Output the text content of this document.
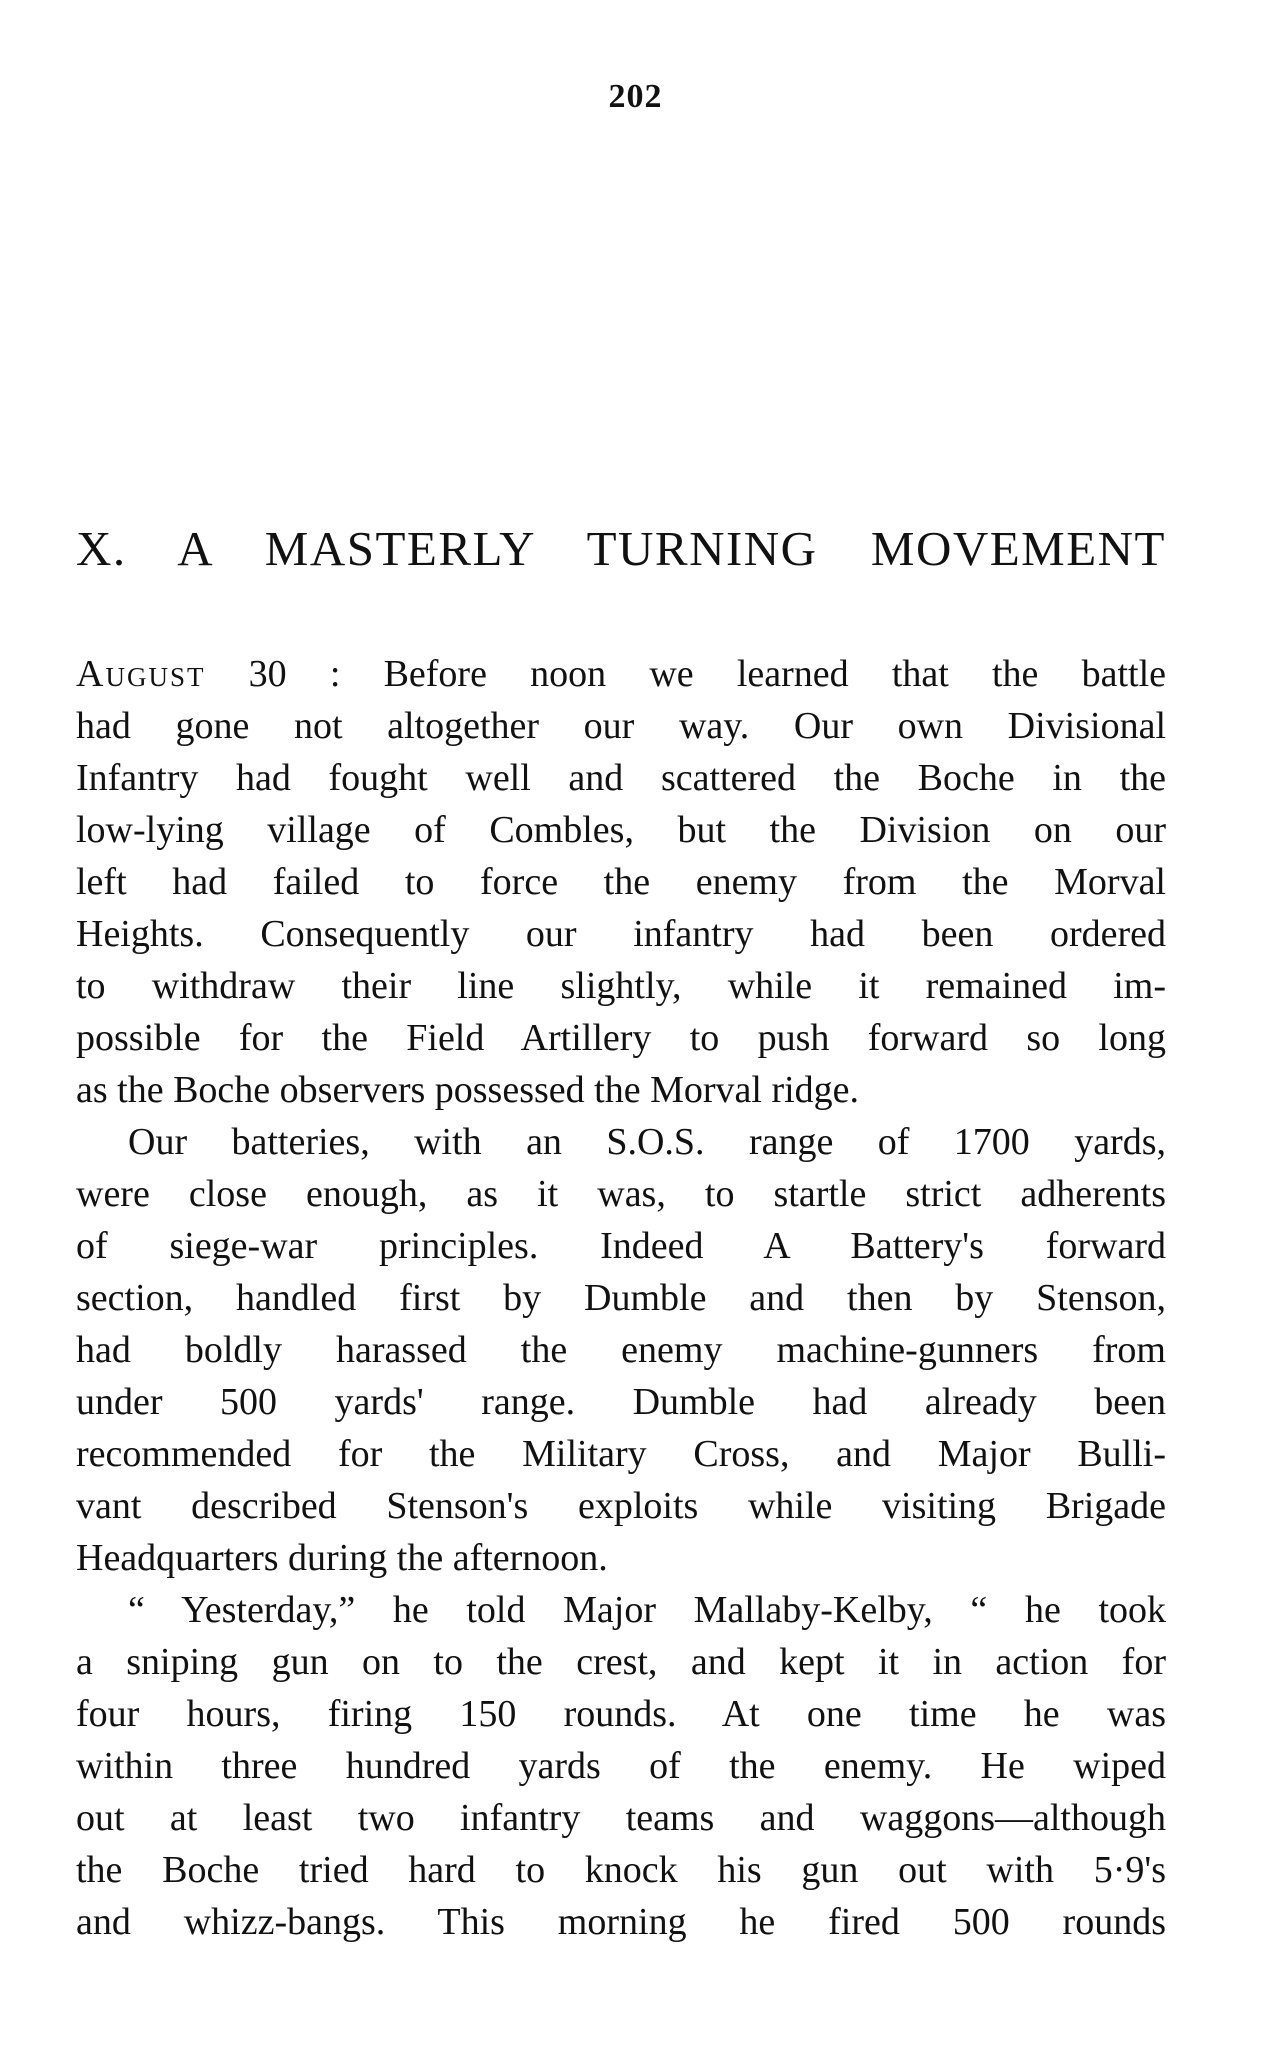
202
X. A MASTERLY TURNING MOVEMENT
August 30 : Before noon we learned that the battle
had gone not altogether our way. Our own Divisional
Infantry had fought well and scattered the Boche in the
low-lying village of Combles, but the Division on our
left had failed to force the enemy from the Morval
Heights. Consequently our infantry had been ordered
to withdraw their line slightly, while it remained im-
possible for the Field Artillery to push forward so long
as the Boche observers possessed the Morval ridge.
Our batteries, with an S.O.S. range of 1700 yards,
were close enough, as it was, to startle strict adherents
of siege-war principles. Indeed A Battery's forward
section, handled first by Dumble and then by Stenson,
had boldly harassed the enemy machine-gunners from
under 500 yards' range. Dumble had already been
recommended for the Military Cross, and Major Bulli-
vant described Stenson's exploits while visiting Brigade
Headquarters during the afternoon.
“ Yesterday,” he told Major Mallaby-Kelby, “ he took
a sniping gun on to the crest, and kept it in action for
four hours, firing 150 rounds. At one time he was
within three hundred yards of the enemy. He wiped
out at least two infantry teams and waggons—although
the Boche tried hard to knock his gun out with 5·9's
and whizz-bangs. This morning he fired 500 rounds
